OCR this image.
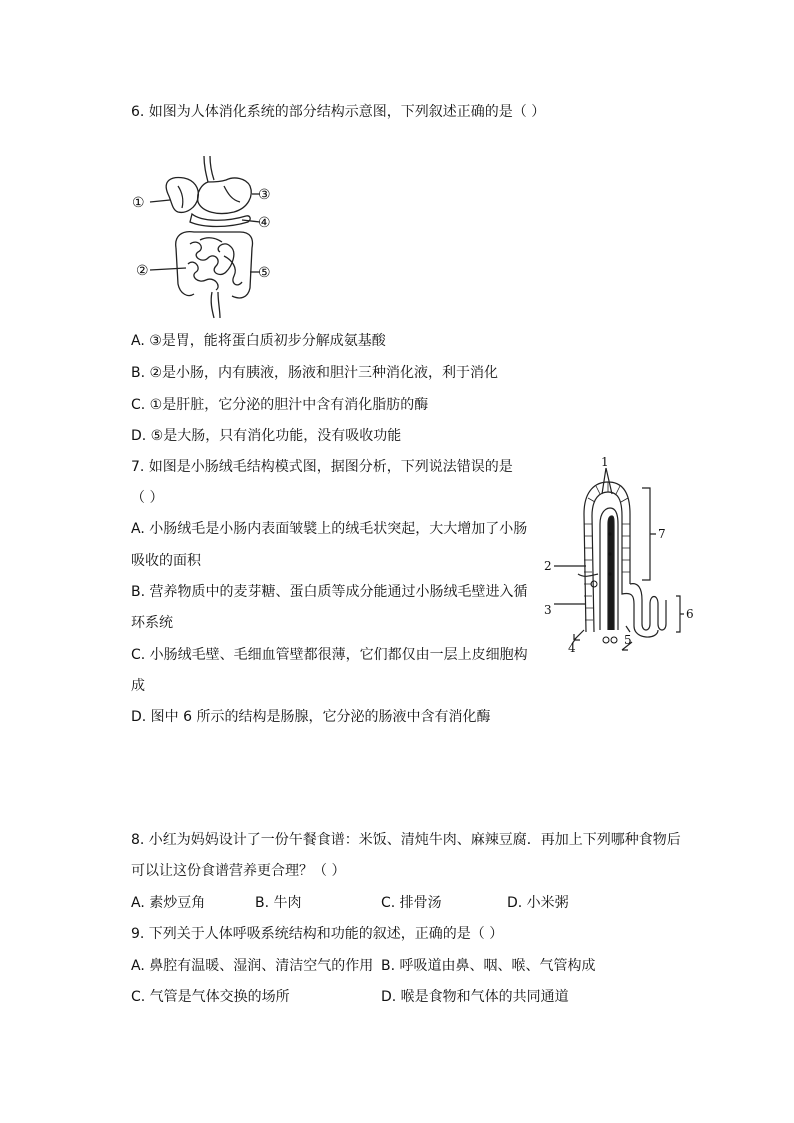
6. 如图为人体消化系统的部分结构示意图，下列叙述正确的是（ ）
①
②
③
④
⑤
A. ③是胃，能将蛋白质初步分解成氨基酸
B. ②是小肠，内有胰液，肠液和胆汁三种消化液，利于消化
C. ①是肝脏，它分泌的胆汁中含有消化脂肪的酶
D. ⑤是大肠，只有消化功能，没有吸收功能
7. 如图是小肠绒毛结构模式图，据图分析，下列说法错误的是
（ ）
A. 小肠绒毛是小肠内表面皱襞上的绒毛状突起，大大增加了小肠
吸收的面积
B. 营养物质中的麦芽糖、蛋白质等成分能通过小肠绒毛壁进入循
环系统
C. 小肠绒毛壁、毛细血管壁都很薄，它们都仅由一层上皮细胞构
成
D. 图中 6 所示的结构是肠腺，它分泌的肠液中含有消化酶
1
2
3
4
5
6
7
8. 小红为妈妈设计了一份午餐食谱：米饭、清炖牛肉、麻辣豆腐．再加上下列哪种食物后
可以让这份食谱营养更合理？（ ）
A. 素炒豆角	B. 牛肉	C. 排骨汤	D. 小米粥
9. 下列关于人体呼吸系统结构和功能的叙述，正确的是（ ）
A. 鼻腔有温暖、湿润、清洁空气的作用 B. 呼吸道由鼻、咽、喉、气管构成
C. 气管是气体交换的场所	D. 喉是食物和气体的共同通道
